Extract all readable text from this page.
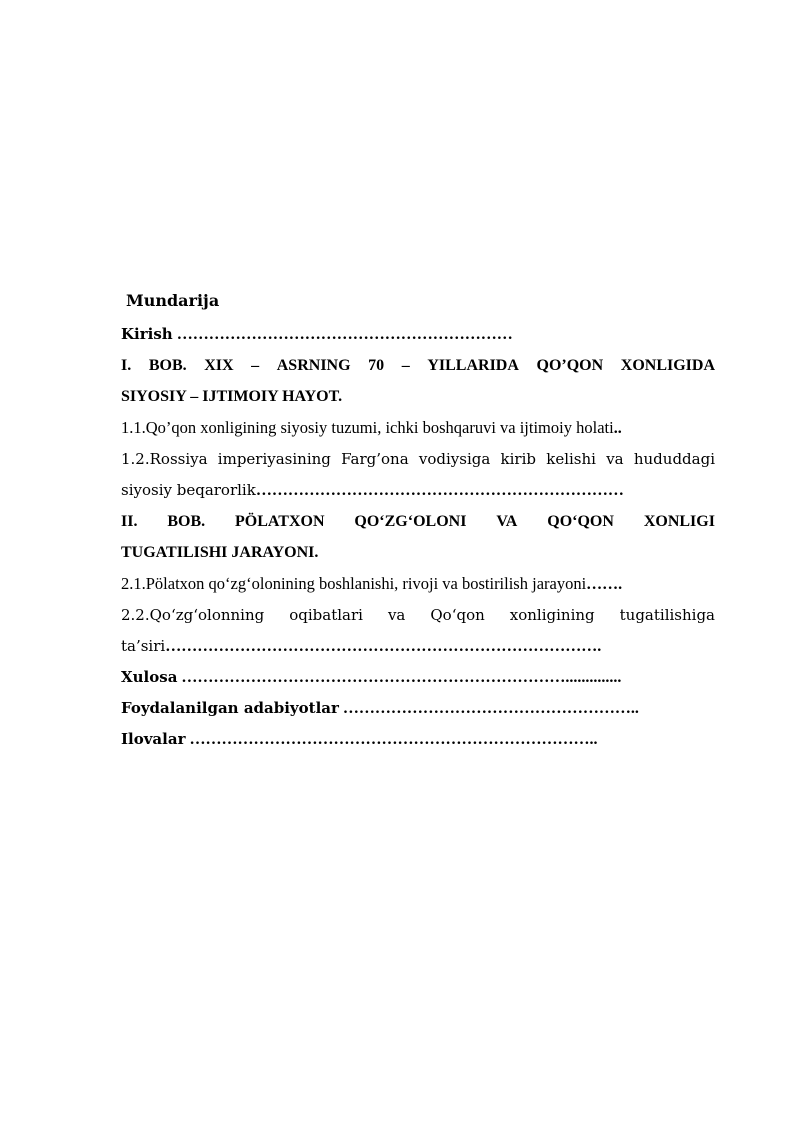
Mundarija
Kirish ………………………………………………………
I. BOB. XIX – ASRNING 70 – YILLARIDA QO’QON XONLIGIDA
SIYOSIY – IJTIMOIY HAYOT.
1.1.Qo’qon xonligining siyosiy tuzumi, ichki boshqaruvi va ijtimoiy holati..
1.2.Rossiya imperiyasining Farg’ona vodiysiga kirib kelishi va hududdagi
siyosiy beqarorlik……………………………………………………………
II. BOB. PÖLATXON QO‘ZG‘OLONI VA QO‘QON XONLIGI
TUGATILISHI JARAYONI.
2.1.Pölatxon qo‘zg‘olonining boshlanishi, rivoji va bostirilish jarayoni…….
2.2.Qo‘zg‘olonning oqibatlari va Qo‘qon xonligining tugatilishiga
ta’siri……………………………………………………………………….
Xulosa ………………………………………………………………..............
Foydalanilgan adabiyotlar ………………………………………………..
Ilovalar …………………………………………………………………..
